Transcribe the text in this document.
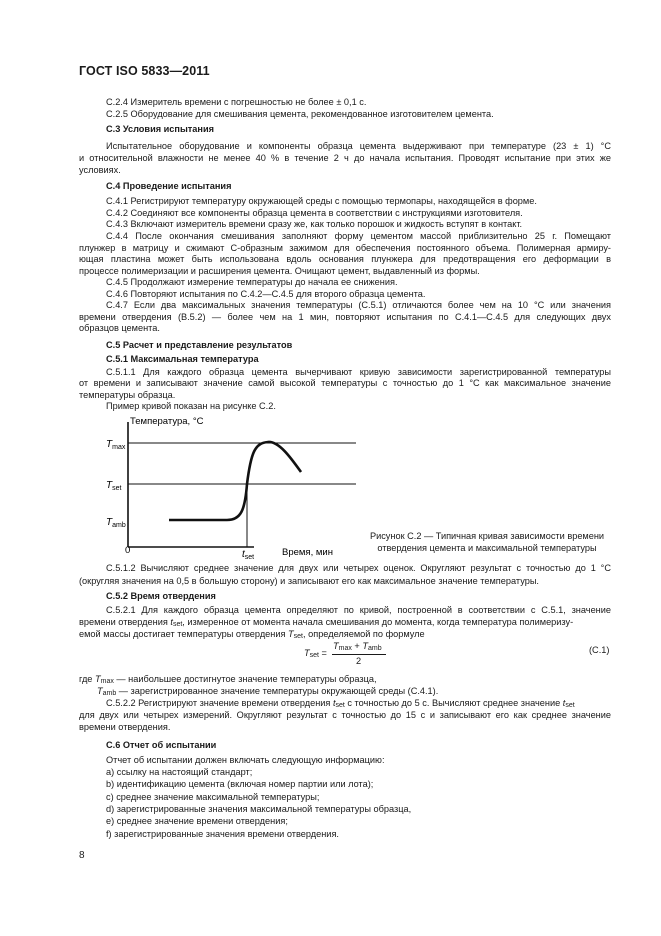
ГОСТ ISO 5833—2011
C.2.4 Измеритель времени с погрешностью не более ± 0,1 с.
C.2.5 Оборудование для смешивания цемента, рекомендованное изготовителем цемента.
C.3 Условия испытания
Испытательное оборудование и компоненты образца цемента выдерживают при температуре (23 ± 1) °C
и относительной влажности не менее 40 % в течение 2 ч до начала испытания. Проводят испытание при этих же
условиях.
C.4 Проведение испытания
C.4.1 Регистрируют температуру окружающей среды с помощью термопары, находящейся в форме.
C.4.2 Соединяют все компоненты образца цемента в соответствии с инструкциями изготовителя.
C.4.3 Включают измеритель времени сразу же, как только порошок и жидкость вступят в контакт.
C.4.4 После окончания смешивания заполняют форму цементом массой приблизительно 25 г. Помещают
плунжер в матрицу и сжимают С-образным зажимом для обеспечения постоянного объема. Полимерная армиру-
ющая пластина может быть использована вдоль основания плунжера для предотвращения его деформации в
процессе полимеризации и расширения цемента. Очищают цемент, выдавленный из формы.
C.4.5 Продолжают измерение температуры до начала ее снижения.
C.4.6 Повторяют испытания по C.4.2—C.4.5 для второго образца цемента.
C.4.7 Если два максимальных значения температуры (C.5.1) отличаются более чем на 10 °C или значения
времени отвердения (B.5.2) — более чем на 1 мин, повторяют испытания по C.4.1—C.4.5 для следующих двух
образцов цемента.
C.5 Расчет и представление результатов
C.5.1 Максимальная температура
C.5.1.1 Для каждого образца цемента вычерчивают кривую зависимости зарегистрированной температуры
от времени и записывают значение самой высокой температуры с точностью до 1 °C как максимальное значение
температуры образца.
Пример кривой показан на рисунке C.2.
Температура, °C
$T_{max}$
$T_{set}$
$T_{amb}$
0	$t_{set}$	Время, мин
Рисунок C.2 — Типичная кривая зависимости времени
отвердения цемента и максимальной температуры
C.5.1.2 Вычисляют среднее значение для двух или четырех оценок. Округляют результат с точностью до 1 °C
(округляя значения на 0,5 в большую сторону) и записывают его как максимальное значение температуры.
C.5.2 Время отвердения
C.5.2.1 Для каждого образца цемента определяют по кривой, построенной в соответствии с C.5.1, значение
времени отвердения $t_{set}$, измеренное от момента начала смешивания до момента, когда температура полимеризу-
емой массы достигает температуры отвердения $T_{set}$, определяемой по формуле
$T_{set}$ =
$T_{max} + T_{amb}$
2
(C.1)
где $T_{max}$ — наибольшее достигнутое значение температуры образца,
$T_{amb}$ — зарегистрированное значение температуры окружающей среды (C.4.1).
C.5.2.2 Регистрируют значение времени отвердения $t_{set}$ с точностью до 5 с. Вычисляют среднее значение $t_{set}$
для двух или четырех измерений. Округляют результат с точностью до 15 с и записывают его как среднее значение
времени отвердения.
C.6 Отчет об испытании
Отчет об испытании должен включать следующую информацию:
a) ссылку на настоящий стандарт;
b) идентификацию цемента (включая номер партии или лота);
c) среднее значение максимальной температуры;
d) зарегистрированные значения максимальной температуры образца,
e) среднее значение времени отвердения;
f) зарегистрированные значения времени отвердения.
8
